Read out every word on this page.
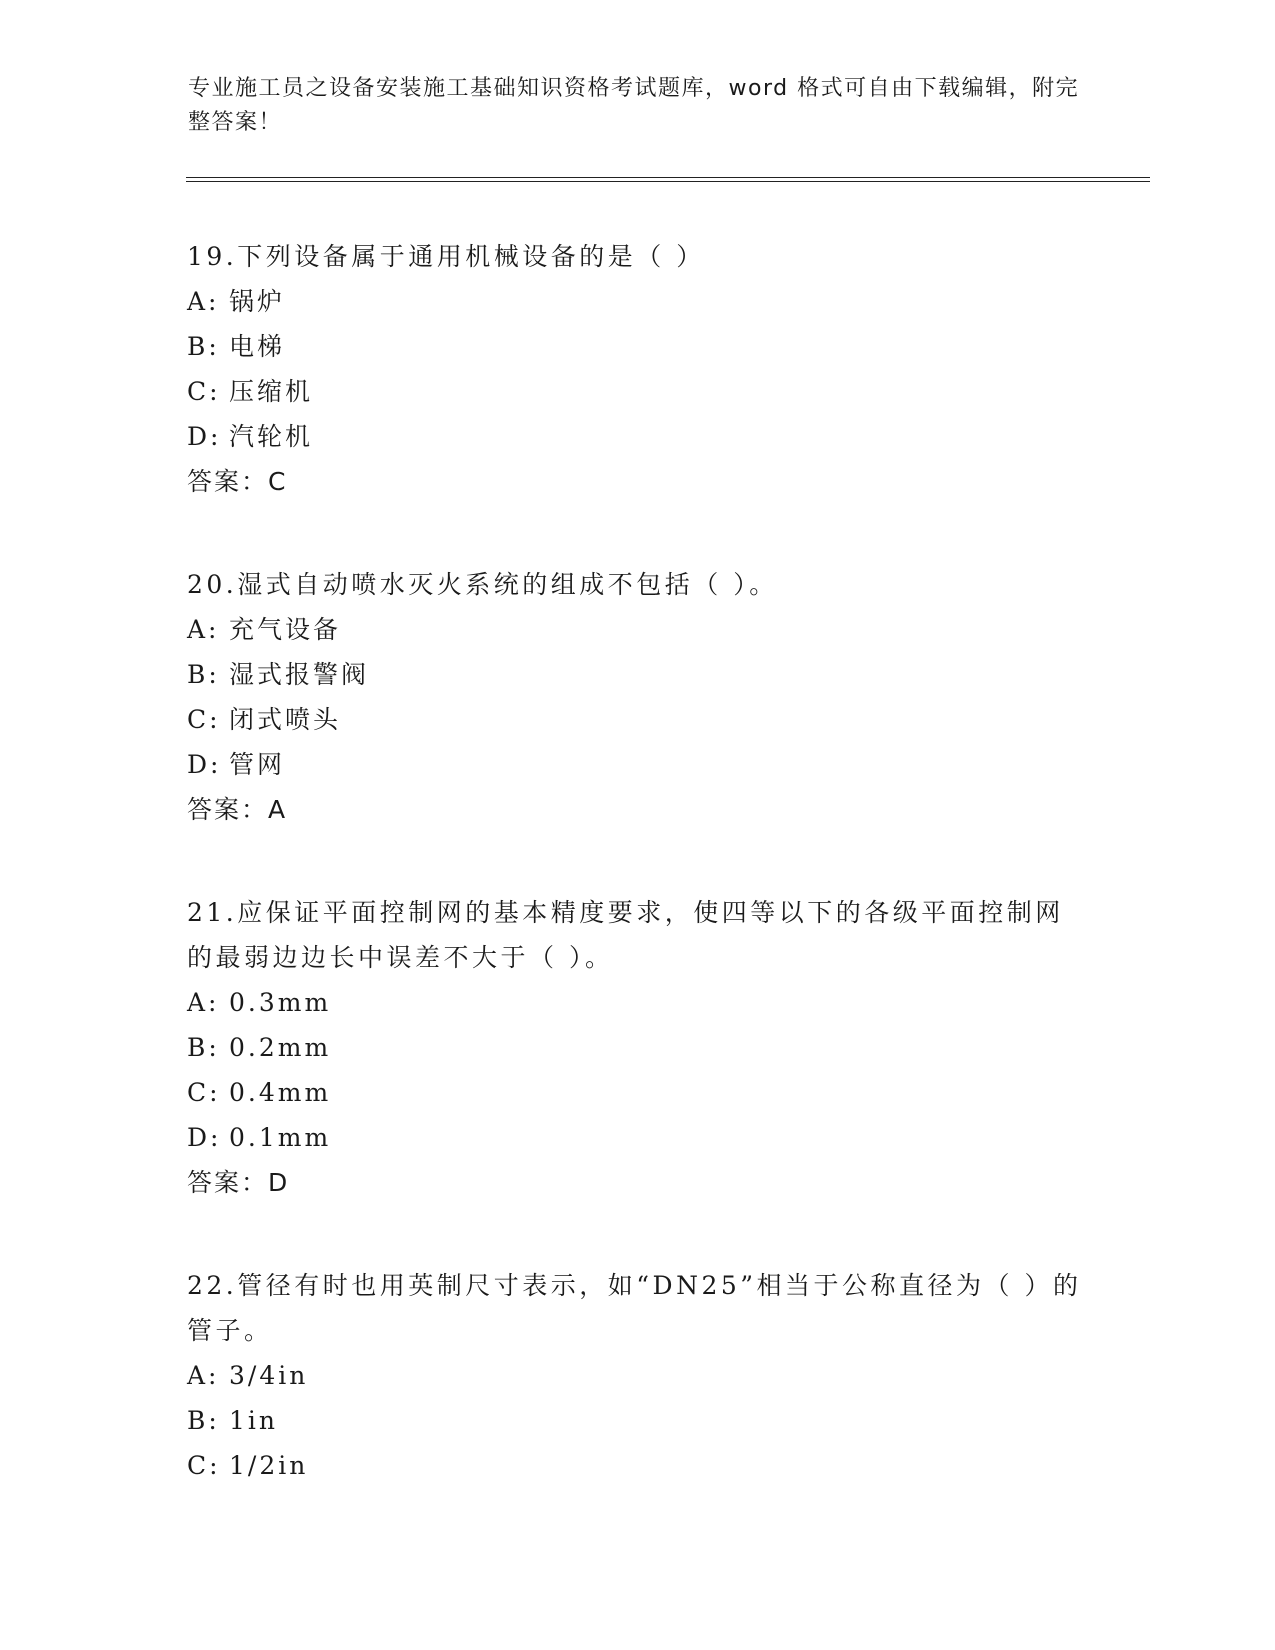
专业施工员之设备安装施工基础知识资格考试题库，word 格式可自由下载编辑，附完整答案！
19.下列设备属于通用机械设备的是（ ）
A: 锅炉
B: 电梯
C: 压缩机
D: 汽轮机
答案：C
20.湿式自动喷水灭火系统的组成不包括（ ）。
A: 充气设备
B: 湿式报警阀
C: 闭式喷头
D: 管网
答案：A
21.应保证平面控制网的基本精度要求，使四等以下的各级平面控制网的最弱边边长中误差不大于（ ）。
A: 0.3mm
B: 0.2mm
C: 0.4mm
D: 0.1mm
答案：D
22.管径有时也用英制尺寸表示，如“DN25”相当于公称直径为（ ）的管子。
A: 3/4in
B: 1in
C: 1/2in
